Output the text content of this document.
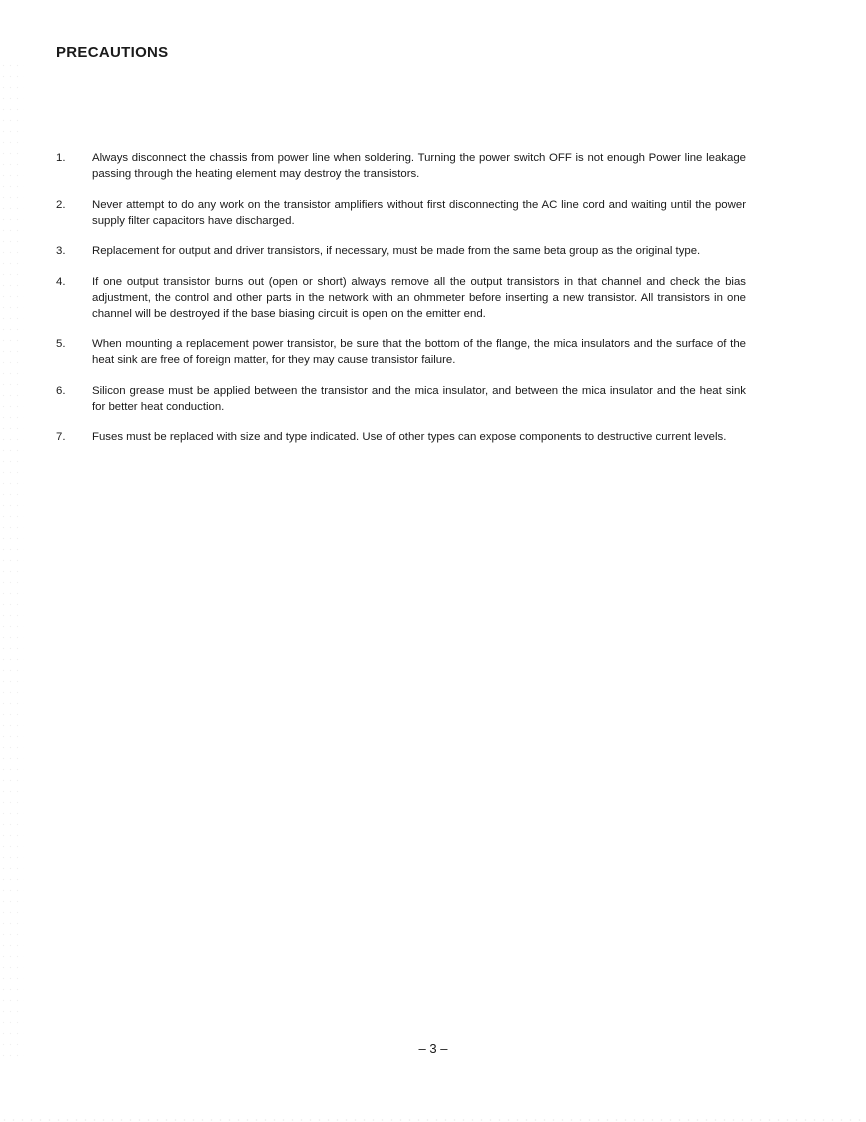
PRECAUTIONS
1.	Always disconnect the chassis from power line when soldering. Turning the power switch OFF is not enough Power line leakage passing through the heating element may destroy the transistors.
2.	Never attempt to do any work on the transistor amplifiers without first disconnecting the AC line cord and waiting until the power supply filter capacitors have discharged.
3.	Replacement for output and driver transistors, if necessary, must be made from the same beta group as the original type.
4.	If one output transistor burns out (open or short) always remove all the output transistors in that channel and check the bias adjustment, the control and other parts in the network with an ohmmeter before inserting a new transistor. All transistors in one channel will be destroyed if the base biasing circuit is open on the emitter end.
5.	When mounting a replacement power transistor, be sure that the bottom of the flange, the mica insulators and the surface of the heat sink are free of foreign matter, for they may cause transistor failure.
6.	Silicon grease must be applied between the transistor and the mica insulator, and between the mica insulator and the heat sink for better heat conduction.
7.	Fuses must be replaced with size and type indicated. Use of other types can expose components to destructive current levels.
– 3 –
